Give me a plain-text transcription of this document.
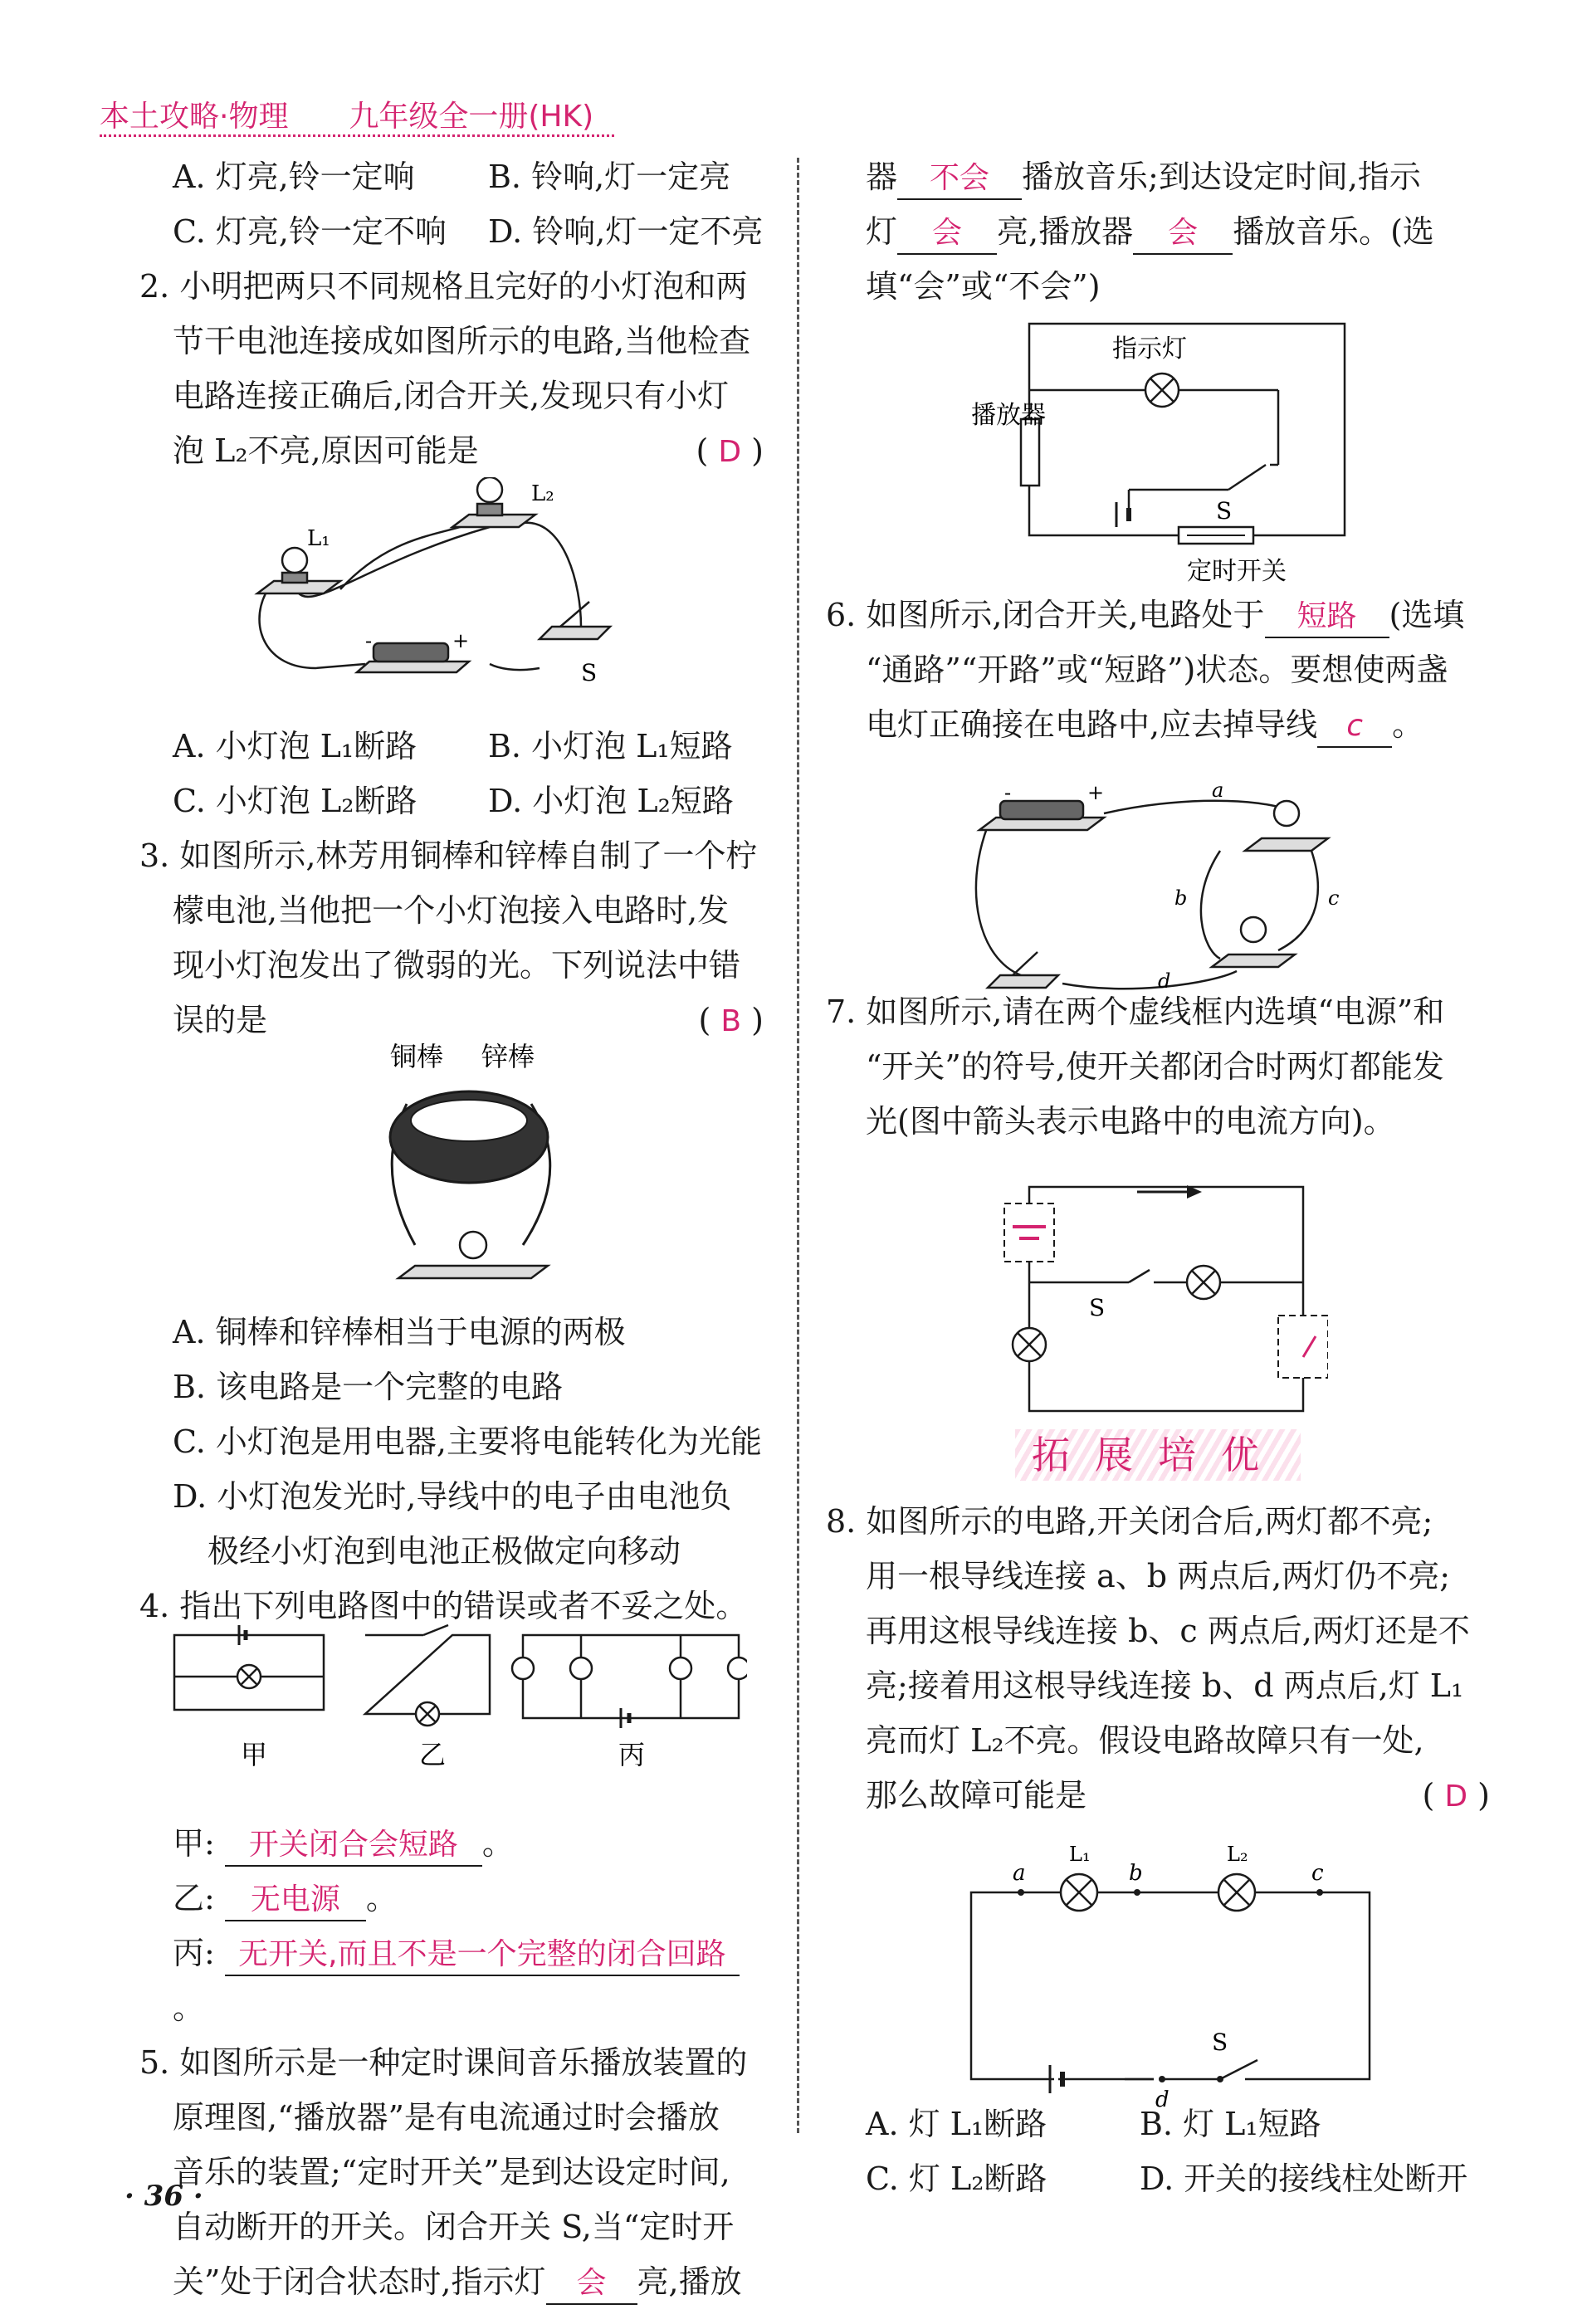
本土攻略·物理 九年级全一册(HK)

A. 灯亮,铃一定响	B. 铃响,灯一定亮

C. 灯亮,铃一定不响	D. 铃响,灯一定不亮

2. 小明把两只不同规格且完好的小灯泡和两

节干电池连接成如图所示的电路,当他检查

电路连接正确后,闭合开关,发现只有小灯

泡 L₂不亮,原因可能是	( D )

A. 小灯泡 L₁断路	B. 小灯泡 L₁短路

C. 小灯泡 L₂断路	D. 小灯泡 L₂短路

3. 如图所示,林芳用铜棒和锌棒自制了一个柠

檬电池,当他把一个小灯泡接入电路时,发

现小灯泡发出了微弱的光。下列说法中错

误的是	( B )

A. 铜棒和锌棒相当于电源的两极

B. 该电路是一个完整的电路

C. 小灯泡是用电器,主要将电能转化为光能

D. 小灯泡发光时,导线中的电子由电池负

极经小灯泡到电池正极做定向移动

4. 指出下列电路图中的错误或者不妥之处。

甲: 开关闭合会短路 。

乙: 无电源 。

丙: 无开关,而且不是一个完整的闭合回路。

5. 如图所示是一种定时课间音乐播放装置的

原理图,“播放器”是有电流通过时会播放

音乐的装置;“定时开关”是到达设定时间,

自动断开的开关。闭合开关 S,当“定时开

关”处于闭合状态时,指示灯 会 亮,播放

L₁
L₂
S
-	+
铜棒 锌棒
甲	乙	丙

器 不会 播放音乐;到达设定时间,指示

灯 会 亮,播放器 会 播放音乐。(选

填“会”或“不会”)

6. 如图所示,闭合开关,电路处于 短路 (选填

“通路”“开路”或“短路”)状态。要想使两盏

电灯正确接在电路中,应去掉导线 c 。

7. 如图所示,请在两个虚线框内选填“电源”和

“开关”的符号,使开关都闭合时两灯都能发

光(图中箭头表示电路中的电流方向)。

拓展培优

8. 如图所示的电路,开关闭合后,两灯都不亮;

用一根导线连接 a、b 两点后,两灯仍不亮;

再用这根导线连接 b、c 两点后,两灯还是不

亮;接着用这根导线连接 b、d 两点后,灯 L₁

亮而灯 L₂不亮。假设电路故障只有一处,

那么故障可能是	( D )

A. 灯 L₁断路	B. 灯 L₁短路

C. 灯 L₂断路	D. 开关的接线柱处断开

指示灯
播放器
S
定时开关
-	+	a
b	c
d
S
a	b	c
d
L₁	L₂
S
· 36 ·
